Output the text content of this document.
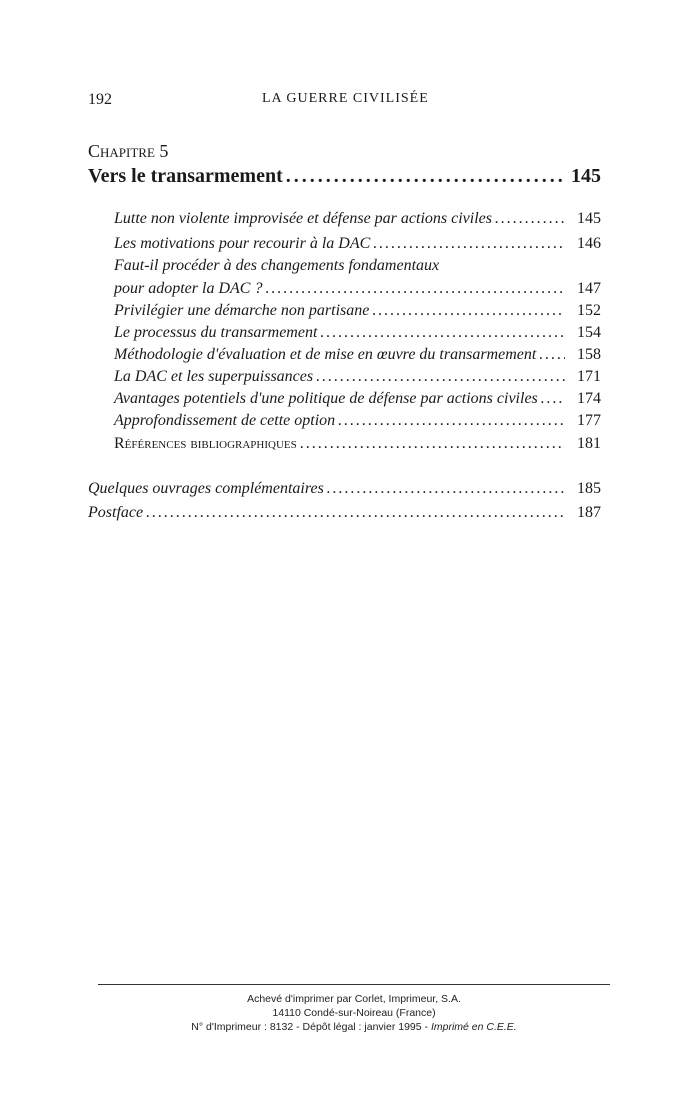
192	LA GUERRE CIVILISÉE
Chapitre 5
Vers le transarmement . . .	145
Lutte non violente improvisée et défense par actions civiles . . .	145
Les motivations pour recourir à la DAC . . .	146
Faut-il procéder à des changements fondamentaux
pour adopter la DAC ? . . .	147
Privilégier une démarche non partisane . . .	152
Le processus du transarmement . . .	154
Méthodologie d'évaluation et de mise en œuvre du transarmement . . .	158
La DAC et les superpuissances . . .	171
Avantages potentiels d'une politique de défense par actions civiles . . .	174
Approfondissement de cette option . . .	177
Références bibliographiques . . .	181
Quelques ouvrages complémentaires . . .	185
Postface . . .	187
Achevé d'imprimer par Corlet, Imprimeur, S.A.
14110 Condé-sur-Noireau (France)
N° d'Imprimeur : 8132 - Dépôt légal : janvier 1995 - Imprimé en C.E.E.
